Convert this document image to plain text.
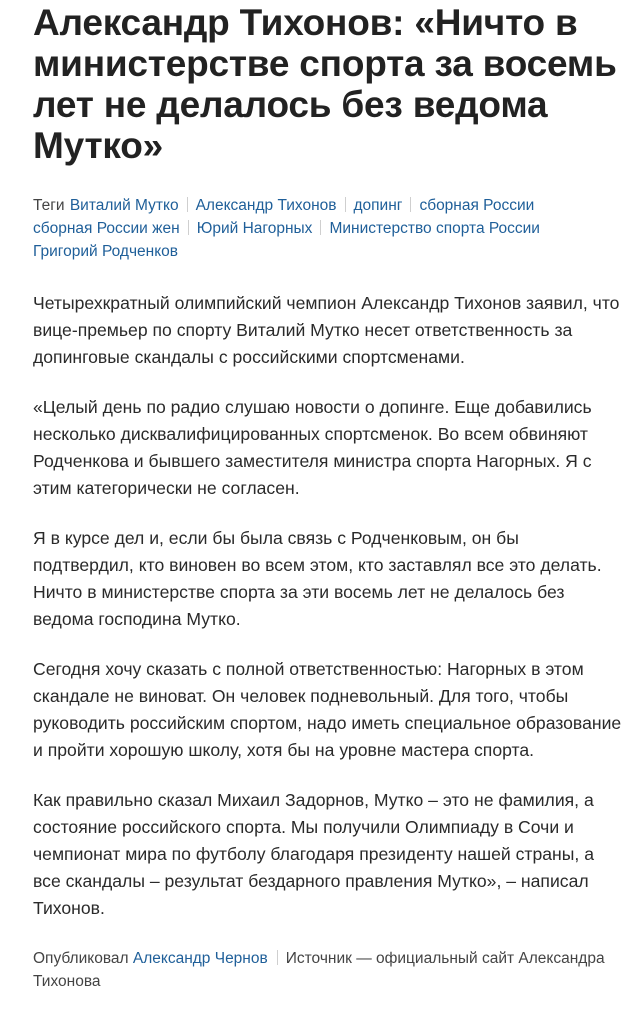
Александр Тихонов: «Ничто в министерстве спорта за восемь лет не делалось без ведома Мутко»
Теги Виталий Мутко Александр Тихонов допинг сборная России
сборная России жен Юрий Нагорных Министерство спорта России
Григорий Родченков

Четырехкратный олимпийский чемпион Александр Тихонов заявил, что вице-премьер по спорту Виталий Мутко несет ответственность за допинговые скандалы с российскими спортсменами.

«Целый день по радио слушаю новости о допинге. Еще добавились несколько дисквалифицированных спортсменок. Во всем обвиняют Родченкова и бывшего заместителя министра спорта Нагорных. Я с этим категорически не согласен.

Я в курсе дел и, если бы была связь с Родченковым, он бы подтвердил, кто виновен во всем этом, кто заставлял все это делать. Ничто в министерстве спорта за эти восемь лет не делалось без ведома господина Мутко.

Сегодня хочу сказать с полной ответственностью: Нагорных в этом скандале не виноват. Он человек подневольный. Для того, чтобы руководить российским спортом, надо иметь специальное образование и пройти хорошую школу, хотя бы на уровне мастера спорта.

Как правильно сказал Михаил Задорнов, Мутко – это не фамилия, а состояние российского спорта. Мы получили Олимпиаду в Сочи и чемпионат мира по футболу благодаря президенту нашей страны, а все скандалы – результат бездарного правления Мутко», – написал Тихонов.

Опубликовал Александр Чернов Источник — официальный сайт Александра Тихонова
